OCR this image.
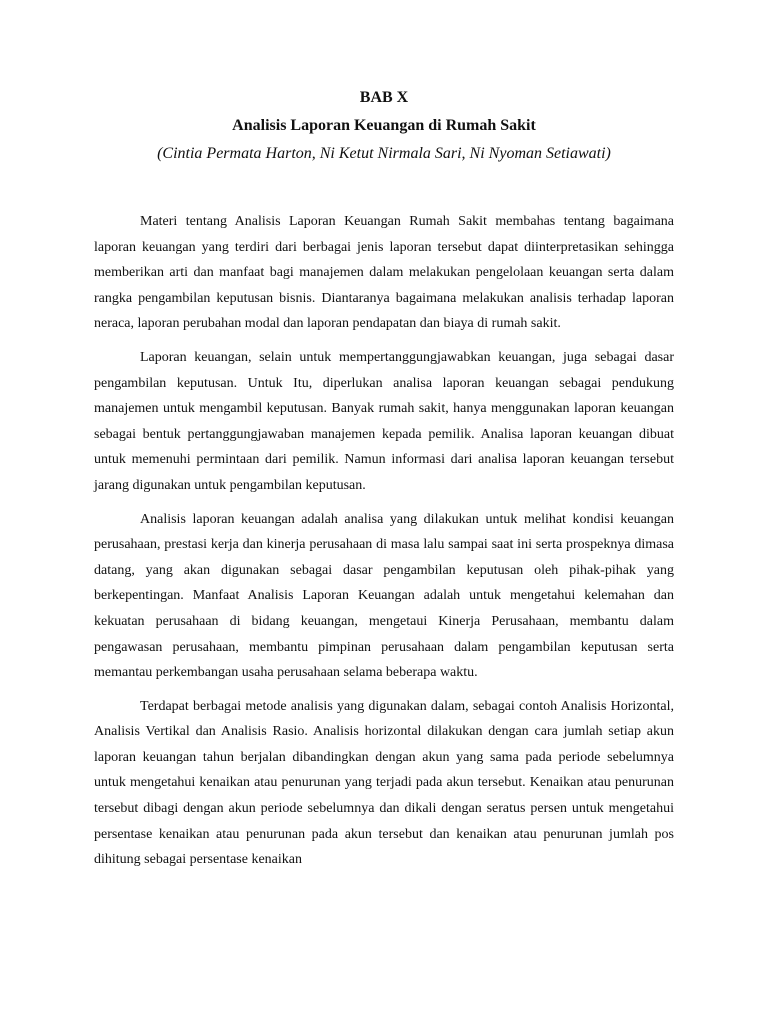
BAB X
Analisis Laporan Keuangan di Rumah Sakit
(Cintia Permata Harton, Ni Ketut Nirmala Sari, Ni Nyoman Setiawati)

Materi tentang Analisis Laporan Keuangan Rumah Sakit membahas tentang bagaimana laporan keuangan yang terdiri dari berbagai jenis laporan tersebut dapat diinterpretasikan sehingga memberikan arti dan manfaat bagi manajemen dalam melakukan pengelolaan keuangan serta dalam rangka pengambilan keputusan bisnis. Diantaranya bagaimana melakukan analisis terhadap laporan neraca, laporan perubahan modal dan laporan pendapatan dan biaya di rumah sakit.

Laporan keuangan, selain untuk mempertanggungjawabkan keuangan, juga sebagai dasar pengambilan keputusan. Untuk Itu, diperlukan analisa laporan keuangan sebagai pendukung manajemen untuk mengambil keputusan. Banyak rumah sakit, hanya menggunakan laporan keuangan sebagai bentuk pertanggungjawaban manajemen kepada pemilik. Analisa laporan keuangan dibuat untuk memenuhi permintaan dari pemilik. Namun informasi dari analisa laporan keuangan tersebut jarang digunakan untuk pengambilan keputusan.

Analisis laporan keuangan adalah analisa yang dilakukan untuk melihat kondisi keuangan perusahaan, prestasi kerja dan kinerja perusahaan di masa lalu sampai saat ini serta prospeknya dimasa datang, yang akan digunakan sebagai dasar pengambilan keputusan oleh pihak-pihak yang berkepentingan. Manfaat Analisis Laporan Keuangan adalah untuk mengetahui kelemahan dan kekuatan perusahaan di bidang keuangan, mengetaui Kinerja Perusahaan, membantu dalam pengawasan perusahaan, membantu pimpinan perusahaan dalam pengambilan keputusan serta memantau perkembangan usaha perusahaan selama beberapa waktu.

Terdapat berbagai metode analisis yang digunakan dalam, sebagai contoh Analisis Horizontal, Analisis Vertikal dan Analisis Rasio. Analisis horizontal dilakukan dengan cara jumlah setiap akun laporan keuangan tahun berjalan dibandingkan dengan akun yang sama pada periode sebelumnya untuk mengetahui kenaikan atau penurunan yang terjadi pada akun tersebut. Kenaikan atau penurunan tersebut dibagi dengan akun periode sebelumnya dan dikali dengan seratus persen untuk mengetahui persentase kenaikan atau penurunan pada akun tersebut dan kenaikan atau penurunan jumlah pos dihitung sebagai persentase kenaikan
